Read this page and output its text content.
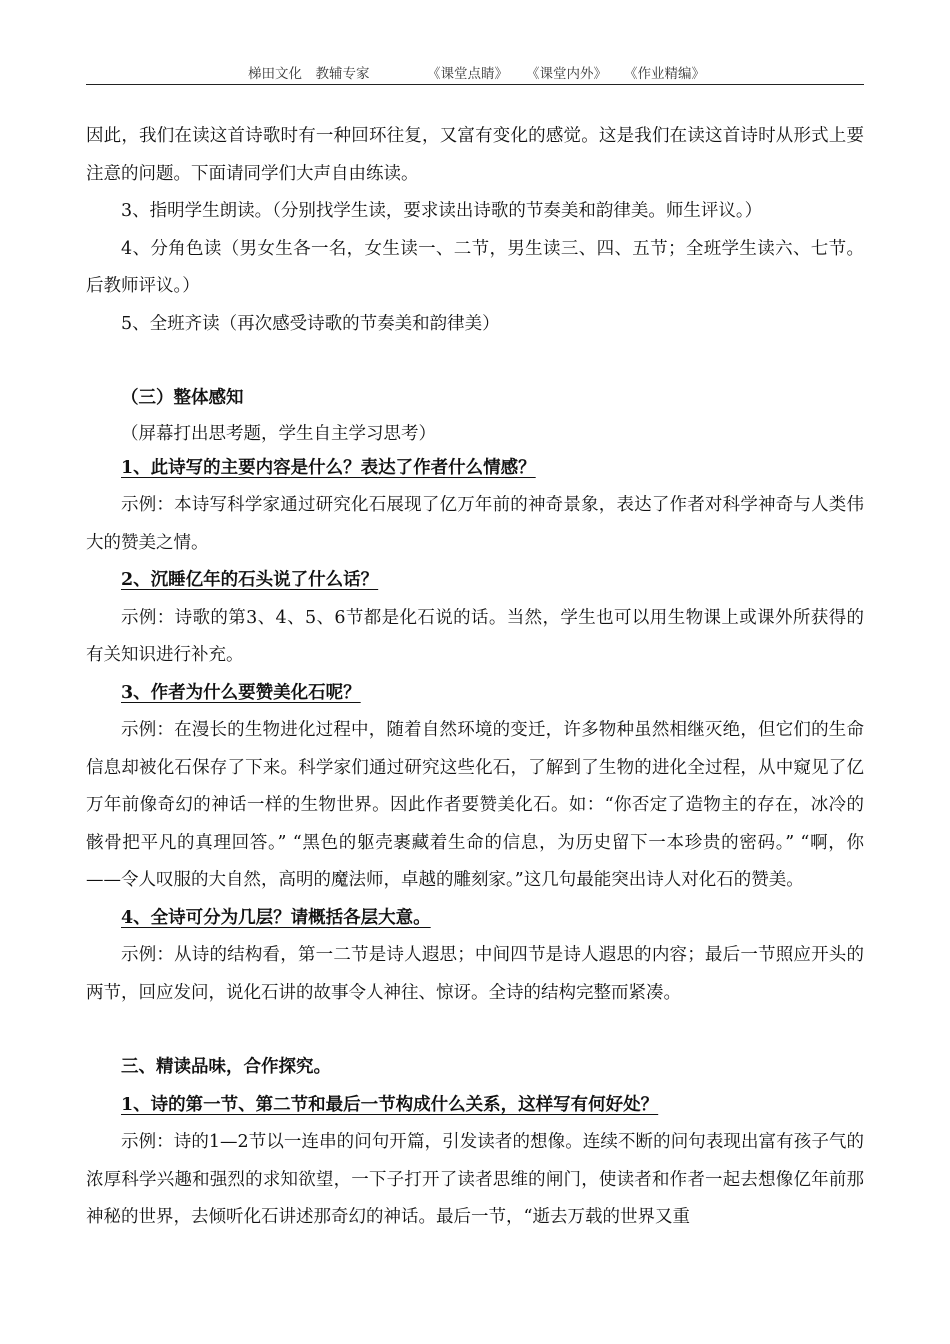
梯田文化　教辅专家	《课堂点睛》 《课堂内外》 《作业精编》

因此，我们在读这首诗歌时有一种回环往复，又富有变化的感觉。这是我们在读这首诗时从形式上要注意的问题。下面请同学们大声自由练读。

3、指明学生朗读。（分别找学生读，要求读出诗歌的节奏美和韵律美。师生评议。）

4、分角色读（男女生各一名，女生读一、二节，男生读三、四、五节；全班学生读六、七节。后教师评议。）

5、全班齐读（再次感受诗歌的节奏美和韵律美）

（三）整体感知

（屏幕打出思考题，学生自主学习思考）

1、此诗写的主要内容是什么？表达了作者什么情感？

示例：本诗写科学家通过研究化石展现了亿万年前的神奇景象，表达了作者对科学神奇与人类伟大的赞美之情。

2、沉睡亿年的石头说了什么话？

示例：诗歌的第3、4、5、6节都是化石说的话。当然，学生也可以用生物课上或课外所获得的有关知识进行补充。

3、作者为什么要赞美化石呢？

示例：在漫长的生物进化过程中，随着自然环境的变迁，许多物种虽然相继灭绝，但它们的生命信息却被化石保存了下来。科学家们通过研究这些化石，了解到了生物的进化全过程，从中窥见了亿万年前像奇幻的神话一样的生物世界。因此作者要赞美化石。如：“你否定了造物主的存在，冰冷的骸骨把平凡的真理回答。” “黑色的躯壳裹藏着生命的信息，为历史留下一本珍贵的密码。” “啊，你——令人叹服的大自然，高明的魔法师，卓越的雕刻家。”这几句最能突出诗人对化石的赞美。

4、全诗可分为几层？请概括各层大意。

示例：从诗的结构看，第一二节是诗人遐思；中间四节是诗人遐思的内容；最后一节照应开头的两节，回应发问，说化石讲的故事令人神往、惊讶。全诗的结构完整而紧凑。

三、精读品味，合作探究。

1、诗的第一节、第二节和最后一节构成什么关系，这样写有何好处？

示例：诗的1—2节以一连串的问句开篇，引发读者的想像。连续不断的问句表现出富有孩子气的浓厚科学兴趣和强烈的求知欲望，一下子打开了读者思维的闸门，使读者和作者一起去想像亿年前那神秘的世界，去倾听化石讲述那奇幻的神话。最后一节，“逝去万载的世界又重
